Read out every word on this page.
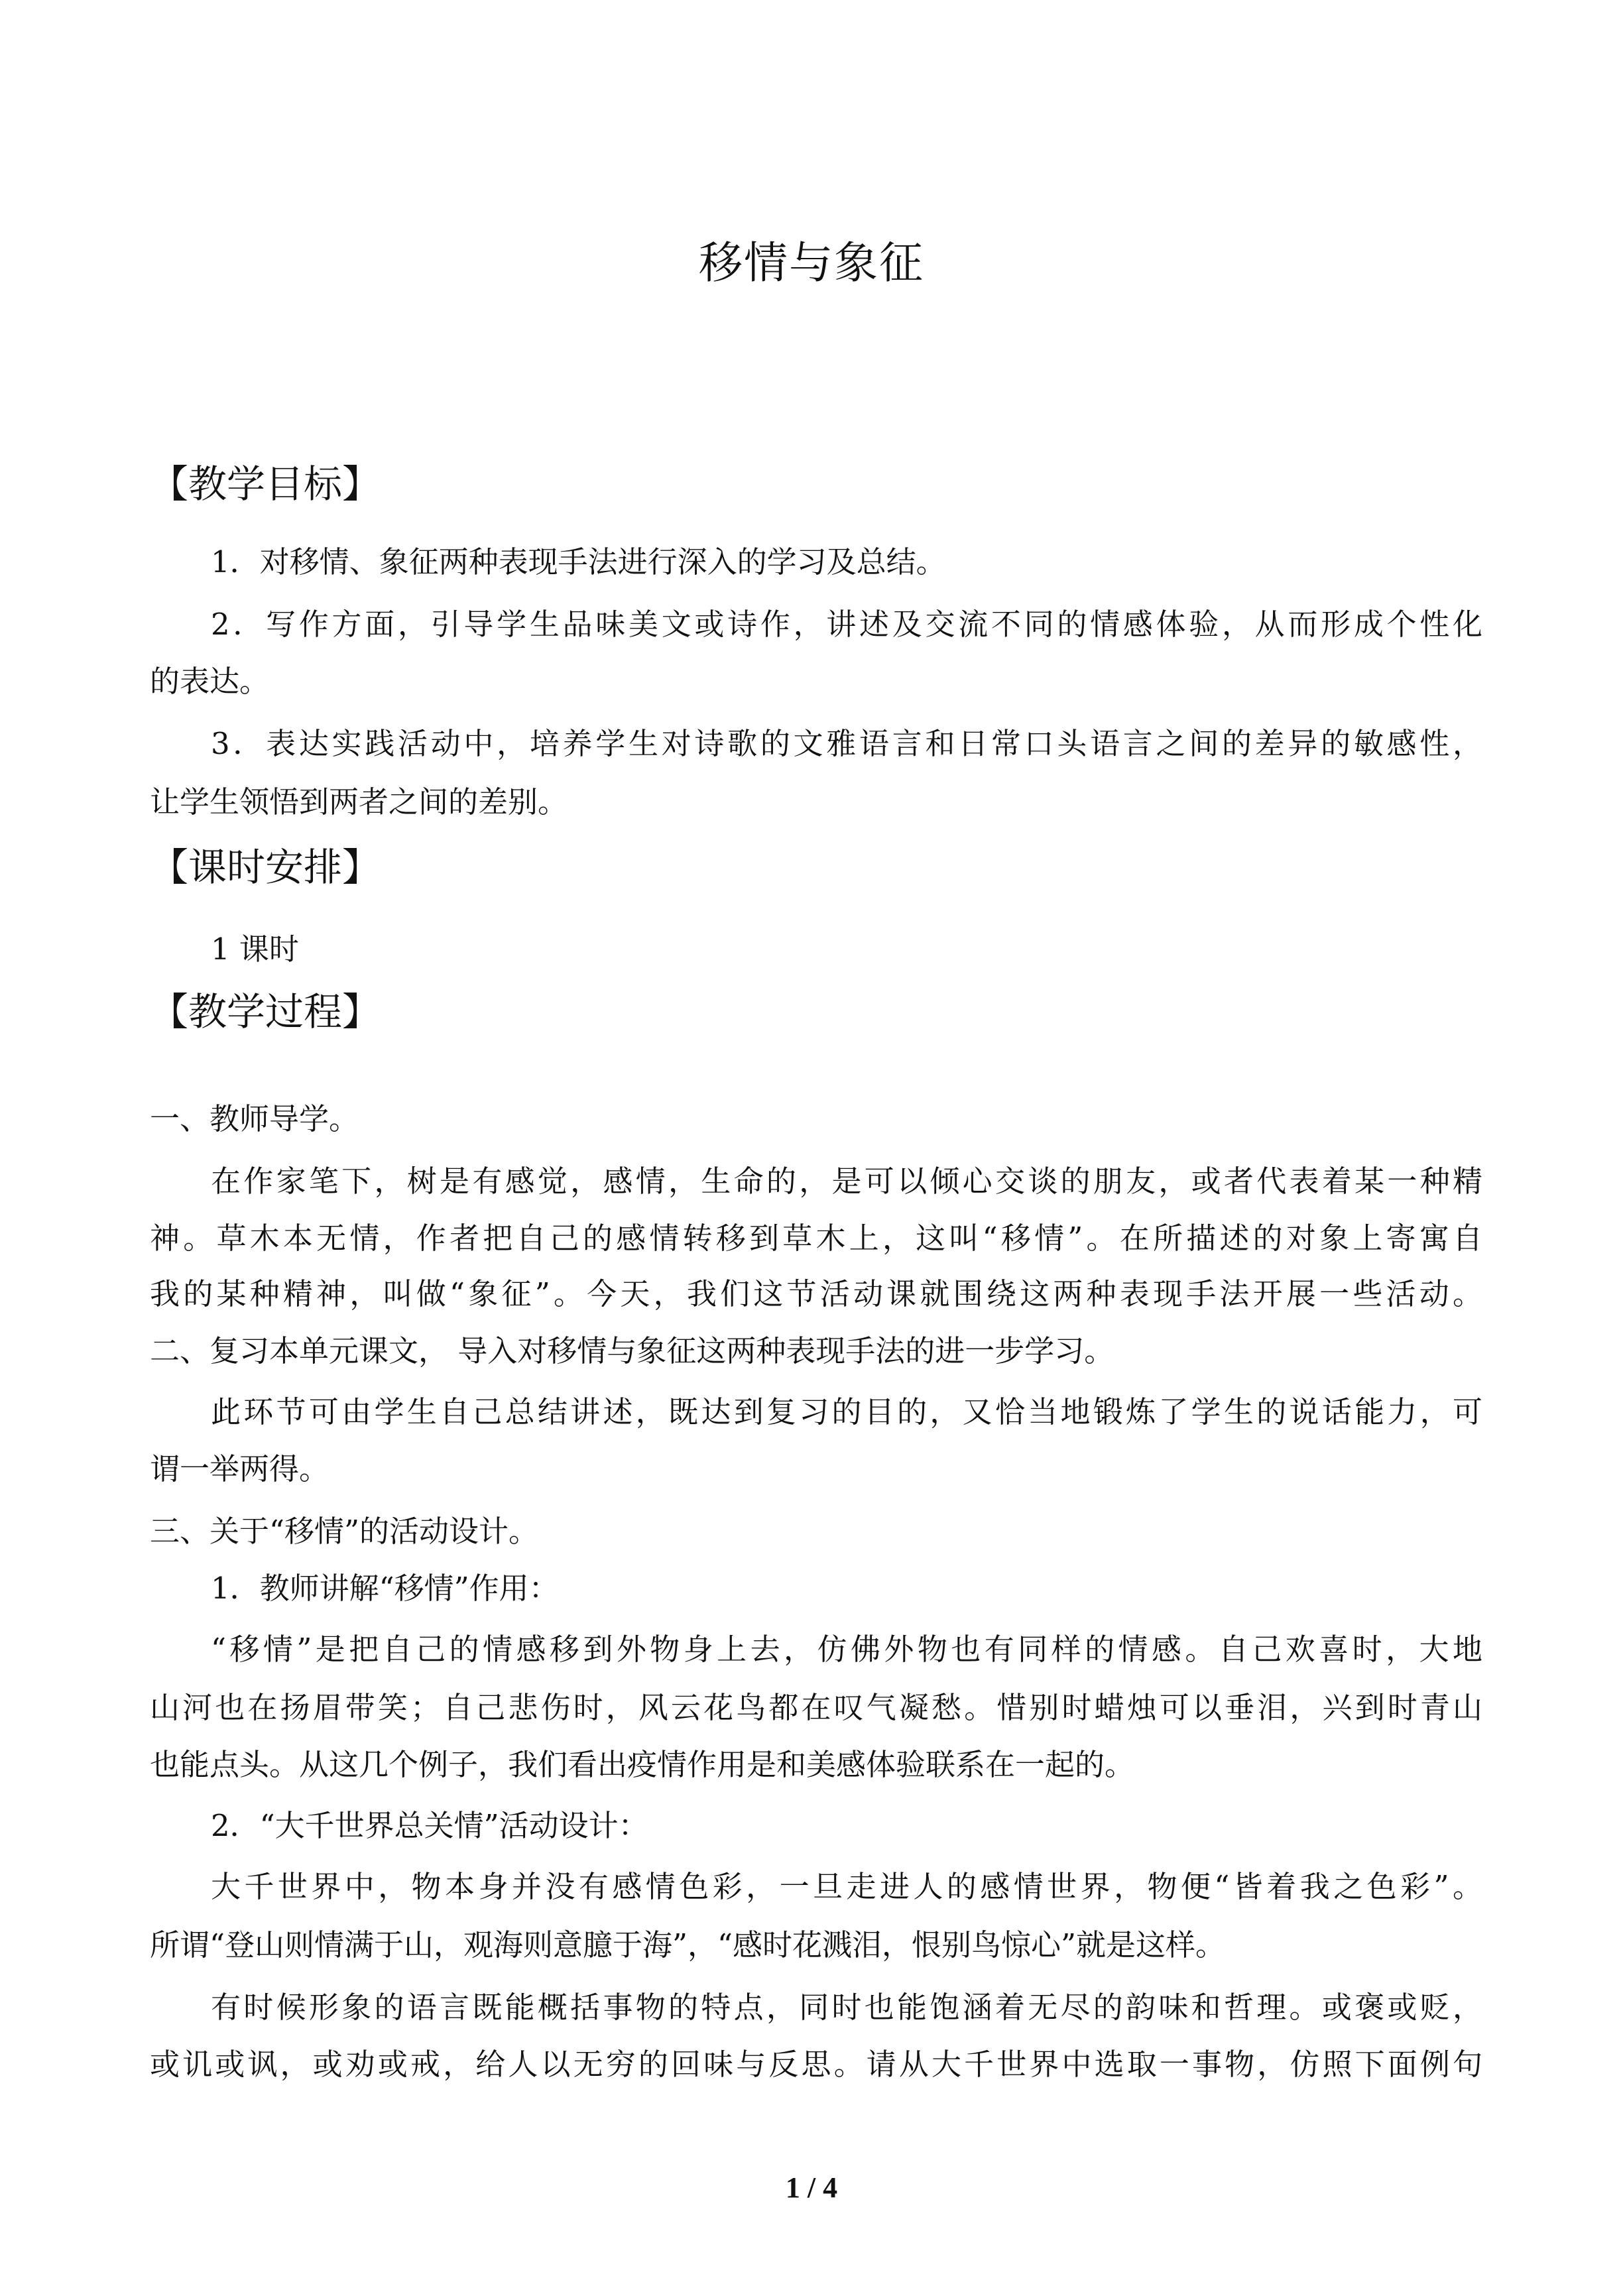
移情与象征
【教学目标】
1．对移情、象征两种表现手法进行深入的学习及总结。
2．写作方面，引导学生品味美文或诗作，讲述及交流不同的情感体验，从而形成个性化
的表达。
3．表达实践活动中，培养学生对诗歌的文雅语言和日常口头语言之间的差异的敏感性，
让学生领悟到两者之间的差别。
【课时安排】
1 课时
【教学过程】
一、教师导学。
在作家笔下，树是有感觉，感情，生命的，是可以倾心交谈的朋友，或者代表着某一种精
神。草木本无情，作者把自己的感情转移到草木上，这叫“移情”。在所描述的对象上寄寓自
我的某种精神，叫做“象征”。今天，我们这节活动课就围绕这两种表现手法开展一些活动。
二、复习本单元课文， 导入对移情与象征这两种表现手法的进一步学习。
此环节可由学生自己总结讲述，既达到复习的目的，又恰当地锻炼了学生的说话能力，可
谓一举两得。
三、关于“移情”的活动设计。
1．教师讲解“移情”作用：
“移情”是把自己的情感移到外物身上去，仿佛外物也有同样的情感。自己欢喜时，大地
山河也在扬眉带笑；自己悲伤时，风云花鸟都在叹气凝愁。惜别时蜡烛可以垂泪，兴到时青山
也能点头。从这几个例子，我们看出疫情作用是和美感体验联系在一起的。
2．“大千世界总关情”活动设计：
大千世界中，物本身并没有感情色彩，一旦走进人的感情世界，物便“皆着我之色彩”。
所谓“登山则情满于山，观海则意臆于海”，“感时花溅泪，恨别鸟惊心”就是这样。
有时候形象的语言既能概括事物的特点，同时也能饱涵着无尽的韵味和哲理。或褒或贬，
或讥或讽，或劝或戒，给人以无穷的回味与反思。请从大千世界中选取一事物，仿照下面例句
1 / 4
